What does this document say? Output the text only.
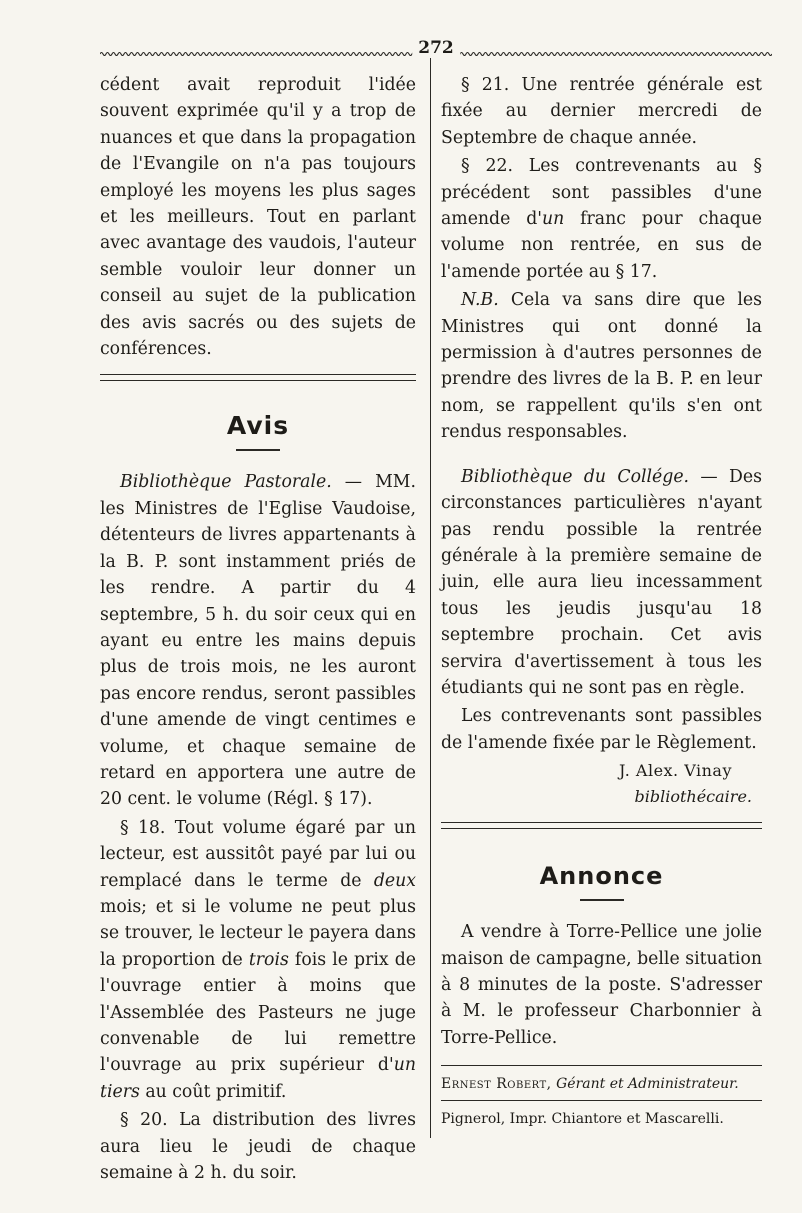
272

cédent avait reproduit l'idée souvent exprimée qu'il y a trop de nuances et que dans la propagation de l'Evangile on n'a pas toujours employé les moyens les plus sages et les meilleurs. Tout en parlant avec avantage des vaudois, l'auteur semble vouloir leur donner un conseil au sujet de la publication des avis sacrés ou des sujets de conférences.

Avis

Bibliothèque Pastorale. — MM. les Ministres de l'Eglise Vaudoise, détenteurs de livres appartenants à la B. P. sont instamment priés de les rendre. A partir du 4 septembre, 5 h. du soir ceux qui en ayant eu entre les mains depuis plus de trois mois, ne les auront pas encore rendus, seront passibles d'une amende de vingt centimes e volume, et chaque semaine de retard en apportera une autre de 20 cent. le volume (Régl. § 17).

§ 18. Tout volume égaré par un lecteur, est aussitôt payé par lui ou remplacé dans le terme de deux mois; et si le volume ne peut plus se trouver, le lecteur le payera dans la proportion de trois fois le prix de l'ouvrage entier à moins que l'Assemblée des Pasteurs ne juge convenable de lui remettre l'ouvrage au prix supérieur d'un tiers au coût primitif.

§ 20. La distribution des livres aura lieu le jeudi de chaque semaine à 2 h. du soir.

§ 21. Une rentrée générale est fixée au dernier mercredi de Septembre de chaque année.

§ 22. Les contrevenants au § précédent sont passibles d'une amende d'un franc pour chaque volume non rentrée, en sus de l'amende portée au § 17.

N.B. Cela va sans dire que les Ministres qui ont donné la permission à d'autres personnes de prendre des livres de la B. P. en leur nom, se rappellent qu'ils s'en ont rendus responsables.

Bibliothèque du Collége. — Des circonstances particulières n'ayant pas rendu possible la rentrée générale à la première semaine de juin, elle aura lieu incessamment tous les jeudis jusqu'au 18 septembre prochain. Cet avis servira d'avertissement à tous les étudiants qui ne sont pas en règle.

Les contrevenants sont passibles de l'amende fixée par le Règlement.

J. Alex. Vinay
bibliothécaire.
Annonce

A vendre à Torre-Pellice une jolie maison de campagne, belle situation à 8 minutes de la poste. S'adresser à M. le professeur Charbonnier à Torre-Pellice.

Ernest Robert, Gérant et Administrateur.
Pignerol, Impr. Chiantore et Mascarelli.
